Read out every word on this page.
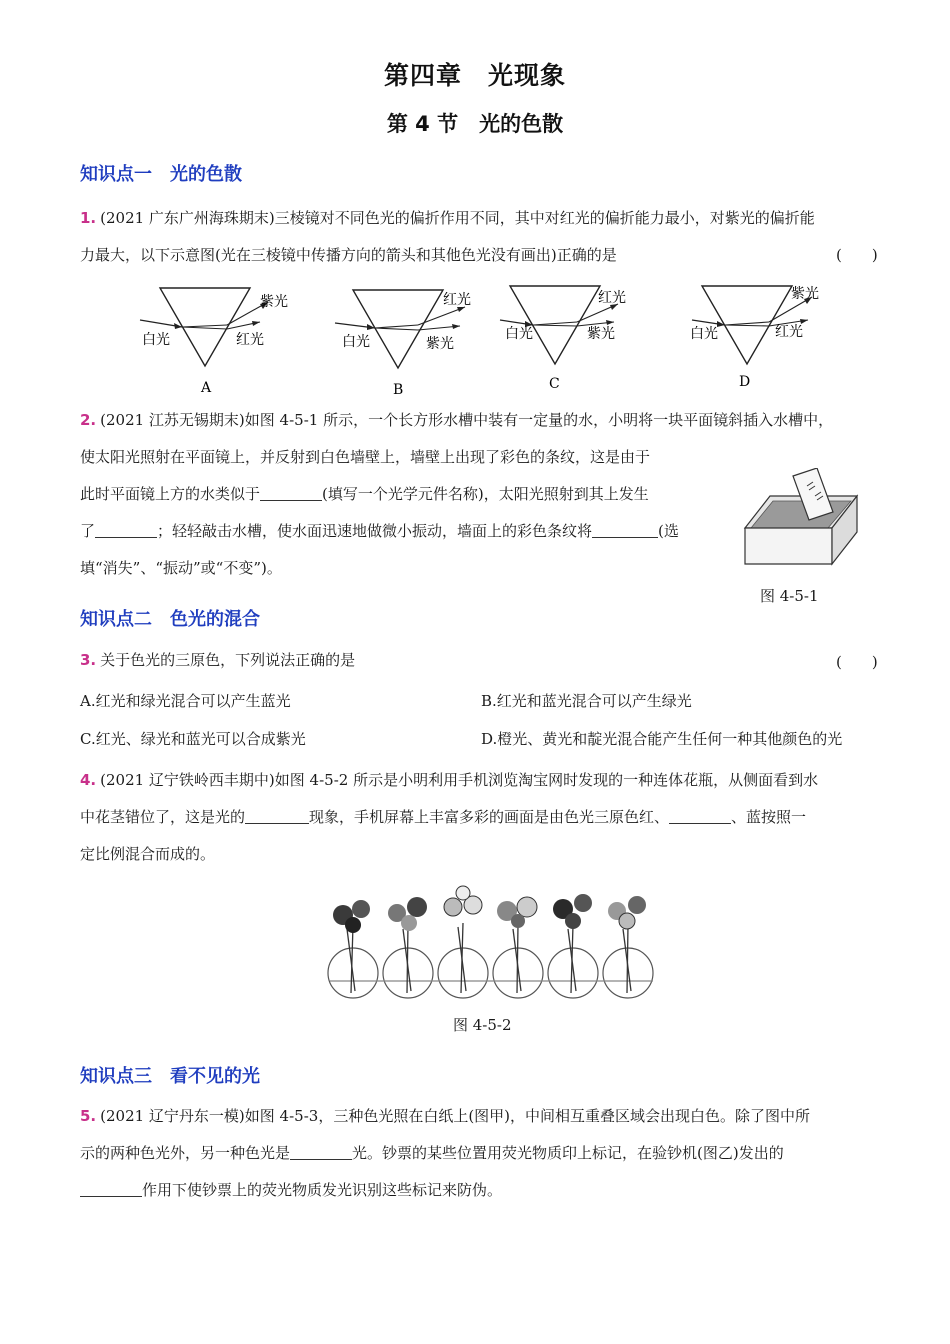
第四章　光现象
第 4 节　光的色散
知识点一　光的色散
1. (2021 广东广州海珠期末)三棱镜对不同色光的偏折作用不同，其中对红光的偏折能力最小，对紫光的偏折能
力最大，以下示意图(光在三棱镜中传播方向的箭头和其他色光没有画出)正确的是	(　　)
白光
紫光
红光
A
白光
红光
紫光
B
白光
红光
紫光
C
白光
紫光
红光
D
2. (2021 江苏无锡期末)如图 4-5-1 所示，一个长方形水槽中装有一定量的水，小明将一块平面镜斜插入水槽中，
使太阳光照射在平面镜上，并反射到白色墙壁上，墙壁上出现了彩色的条纹，这是由于
此时平面镜上方的水类似于	(填写一个光学元件名称)，太阳光照射到其上发生
了	；轻轻敲击水槽，使水面迅速地做微小振动，墙面上的彩色条纹将	(选
填“消失”、“振动”或“不变”)。
图 4-5-1
知识点二　色光的混合
3. 关于色光的三原色，下列说法正确的是	(　　)
A.红光和绿光混合可以产生蓝光	B.红光和蓝光混合可以产生绿光
C.红光、绿光和蓝光可以合成紫光	D.橙光、黄光和靛光混合能产生任何一种其他颜色的光
4. (2021 辽宁铁岭西丰期中)如图 4-5-2 所示是小明利用手机浏览淘宝网时发现的一种连体花瓶，从侧面看到水
中花茎错位了，这是光的	现象，手机屏幕上丰富多彩的画面是由色光三原色红、	、蓝按照一
定比例混合而成的。
图 4-5-2
知识点三　看不见的光
5. (2021 辽宁丹东一模)如图 4-5-3，三种色光照在白纸上(图甲)，中间相互重叠区域会出现白色。除了图中所
示的两种色光外，另一种色光是	光。钞票的某些位置用荧光物质印上标记，在验钞机(图乙)发出的
作用下使钞票上的荧光物质发光识别这些标记来防伪。
